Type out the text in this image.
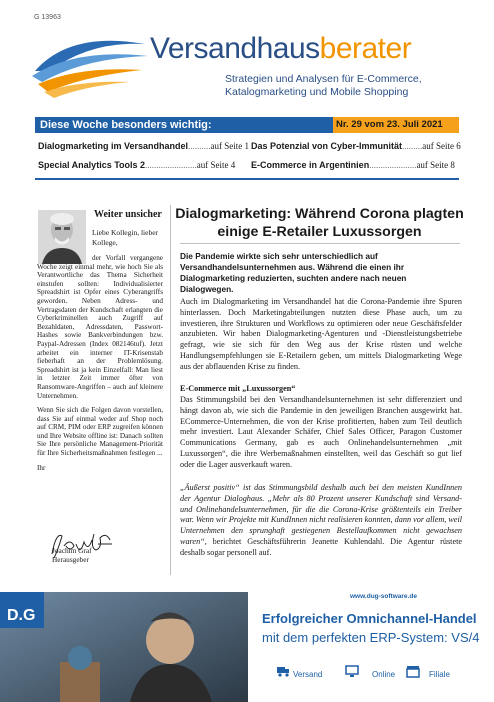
G 13963
Versandhausberater
Strategien und Analysen für E-Commerce, Katalogmarketing und Mobile Shopping
Diese Woche besonders wichtig:	Nr. 29 vom 23. Juli 2021
Dialogmarketing im Versandhandel..........auf Seite 1 Das Potenzial von Cyber-Immunität.........auf Seite 6
Special Analytics Tools 2.......................auf Seite 4 E-Commerce in Argentinien.....................auf Seite 8
Weiter unsicher

Liebe Kollegin, lieber Kollege,

der Vorfall vergangene Woche zeigt einmal mehr, wie hoch Sie als Verantwortliche das Thema Sicherheit einstufen sollten: Individualisierter Spreadshirt ist Opfer eines Cyberangriffs geworden. Neben Adress- und Vertragsdaten der Kundschaft erlangten die Cyberkriminellen auch Zugriff auf Bezahldaten, Adressdaten, Passwort-Hashes sowie Bankverbindungen bzw. Paypal-Adressen (Index 082146tuf). Jetzt arbeitet ein interner IT-Krisenstab fieberhaft an der Problemlösung. Spreadshirt ist ja kein Einzelfall: Man liest in letzter Zeit immer öfter von Ransomware-Angriffen – auch auf kleinere Unternehmen.

Wenn Sie sich die Folgen davon vorstellen, dass Sie auf einmal weder auf Shop noch auf CRM, PIM oder ERP zugreifen können und Ihre Website offline ist: Danach sollten Sie Ihre persönliche Management-Priorität für Ihre Sicherheitsmaßnahmen festlegen ...

Ihr

Joachim Graf
Herausgeber
Dialogmarketing: Während Corona plagten einige E-Retailer Luxussorgen
Die Pandemie wirkte sich sehr unterschiedlich auf Versandhandelsunternehmen aus. Während die einen ihr Dialogmarketing reduzierten, suchten andere nach neuen Dialogwegen.

Auch im Dialogmarketing im Versandhandel hat die Corona-Pandemie ihre Spuren hinterlassen. Doch Marketingabteilungen nutzten diese Phase auch, um zu investieren, ihre Strukturen und Workflows zu optimieren oder neue Geschäftsfelder anzubieten. Wir haben Dialogmarketing-Agenturen und -Dienstleistungsbetriebe gefragt, wie sie sich für den Weg aus der Krise rüsten und welche Handlungsempfehlungen sie E-Retailern geben, um mittels Dialogmarketing Wege aus der abflauenden Krise zu finden.

E-Commerce mit „Luxussorgen“

Das Stimmungsbild bei den Versandhandelsunternehmen ist sehr differenziert und hängt davon ab, wie sich die Pandemie in den jeweiligen Branchen ausgewirkt hat. ECommerce-Unternehmen, die von der Krise profitierten, haben zum Teil deutlich mehr investiert. Laut Alexander Schäfer, Chief Sales Officer, Paragon Customer Communications Germany, gab es auch Onlinehandelsunternehmen „mit Luxussorgen“, die ihre Werbemaßnahmen einstellten, weil das Geschäft so gut lief oder die Lager ausverkauft waren.

„Äußerst positiv“ ist das Stimmungsbild deshalb auch bei den meisten KundInnen der Agentur Dialoghaus. „Mehr als 80 Prozent unserer Kundschaft sind Versand- und Onlinehandelsunternehmen, für die die Corona-Krise größtenteils ein Treiber war. Wenn wir Projekte mit KundInnen nicht realisieren konnten, dann vor allem, weil Unternehmen den sprunghaft gestiegenen Bestellaufkommen nicht gewachsen waren“, berichtet Geschäftsführerin Jeanette Kuhlendahl. Die Agentur rüstete deshalb sogar personell auf.

D.G
www.dug-software.de
Erfolgreicher Omnichannel-Handel
mit dem perfekten ERP-System: VS/4
Versand	Online	Filiale
